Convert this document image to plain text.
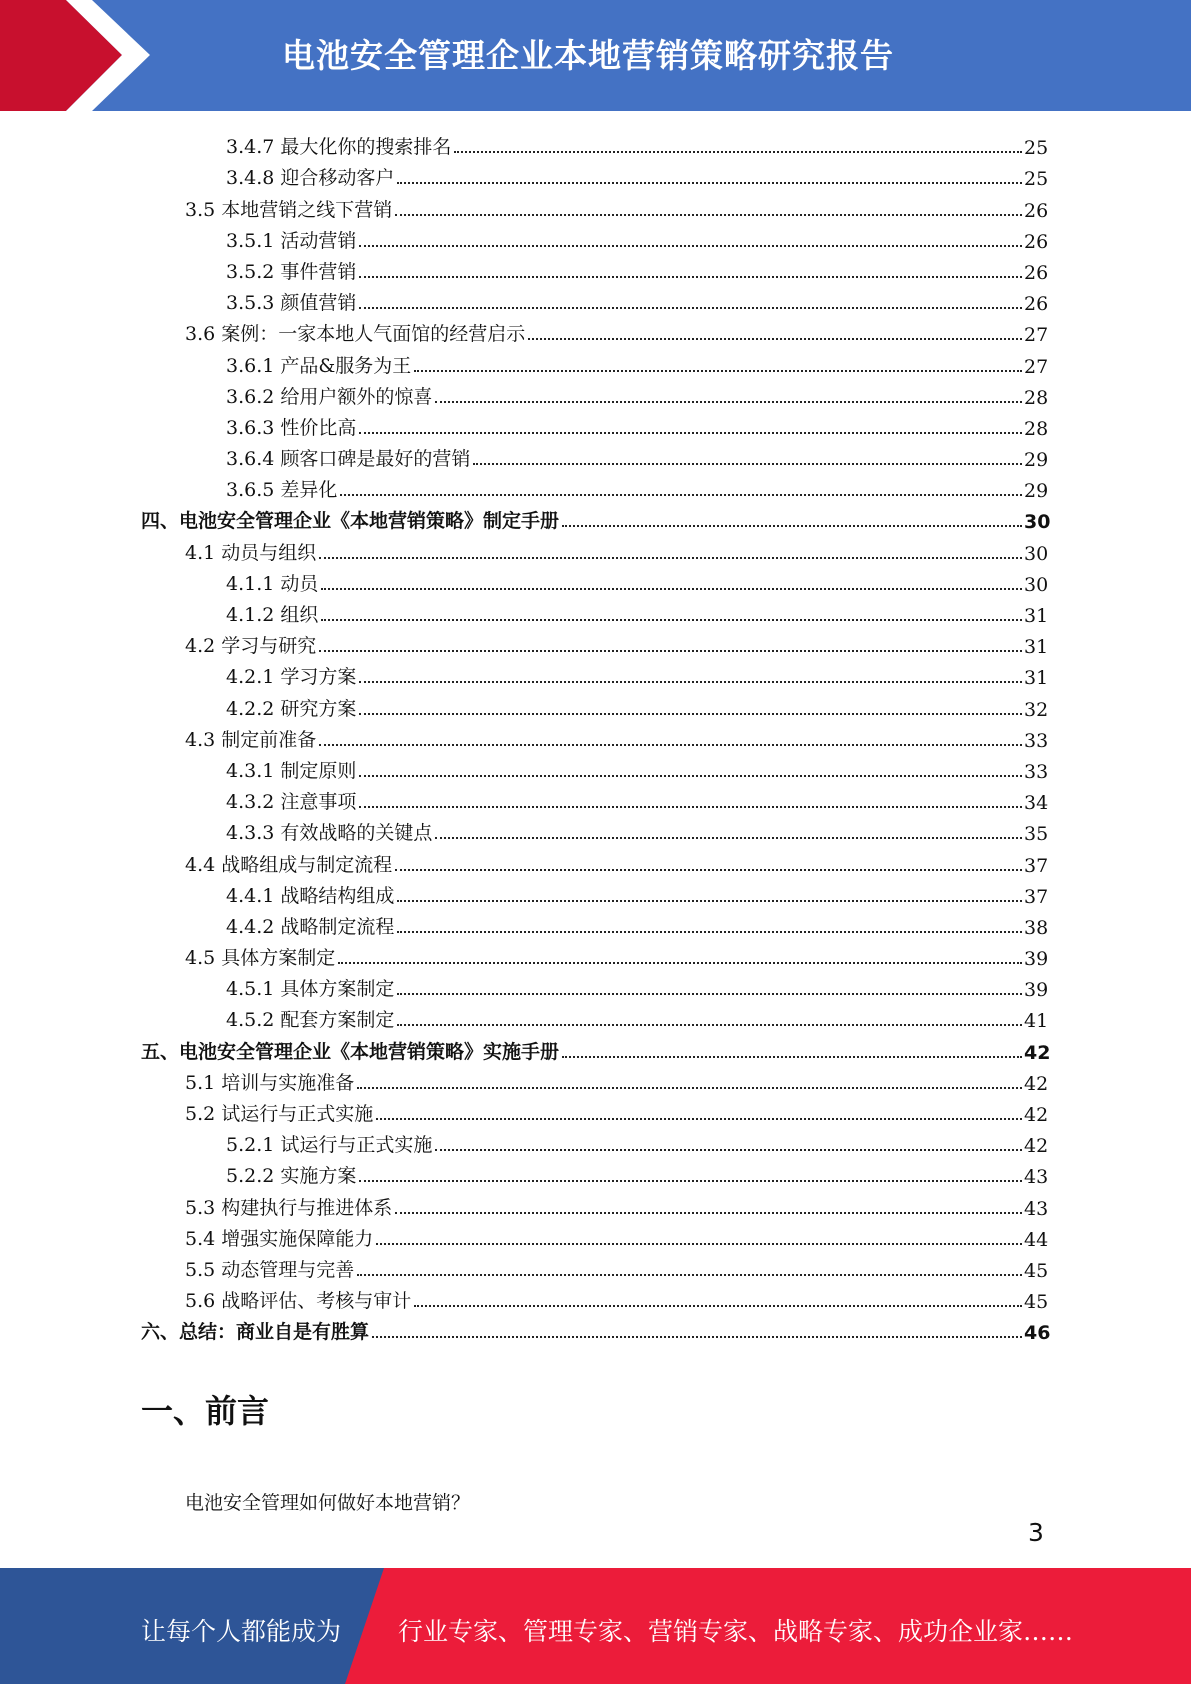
电池安全管理企业本地营销策略研究报告
3.4.7 最大化你的搜索排名	25
3.4.8 迎合移动客户	25
3.5 本地营销之线下营销	26
3.5.1 活动营销	26
3.5.2 事件营销	26
3.5.3 颜值营销	26
3.6 案例：一家本地人气面馆的经营启示	27
3.6.1 产品&服务为王	27
3.6.2 给用户额外的惊喜	28
3.6.3 性价比高	28
3.6.4 顾客口碑是最好的营销	29
3.6.5 差异化	29
四、电池安全管理企业《本地营销策略》制定手册	30
4.1 动员与组织	30
4.1.1 动员	30
4.1.2 组织	31
4.2 学习与研究	31
4.2.1 学习方案	31
4.2.2 研究方案	32
4.3 制定前准备	33
4.3.1 制定原则	33
4.3.2 注意事项	34
4.3.3 有效战略的关键点	35
4.4 战略组成与制定流程	37
4.4.1 战略结构组成	37
4.4.2 战略制定流程	38
4.5 具体方案制定	39
4.5.1 具体方案制定	39
4.5.2 配套方案制定	41
五、电池安全管理企业《本地营销策略》实施手册	42
5.1 培训与实施准备	42
5.2 试运行与正式实施	42
5.2.1 试运行与正式实施	42
5.2.2 实施方案	43
5.3 构建执行与推进体系	43
5.4 增强实施保障能力	44
5.5 动态管理与完善	45
5.6 战略评估、考核与审计	45
六、总结：商业自是有胜算	46
一、前言
电池安全管理如何做好本地营销？
3
让每个人都能成为 行业专家、管理专家、营销专家、战略专家、成功企业家……
